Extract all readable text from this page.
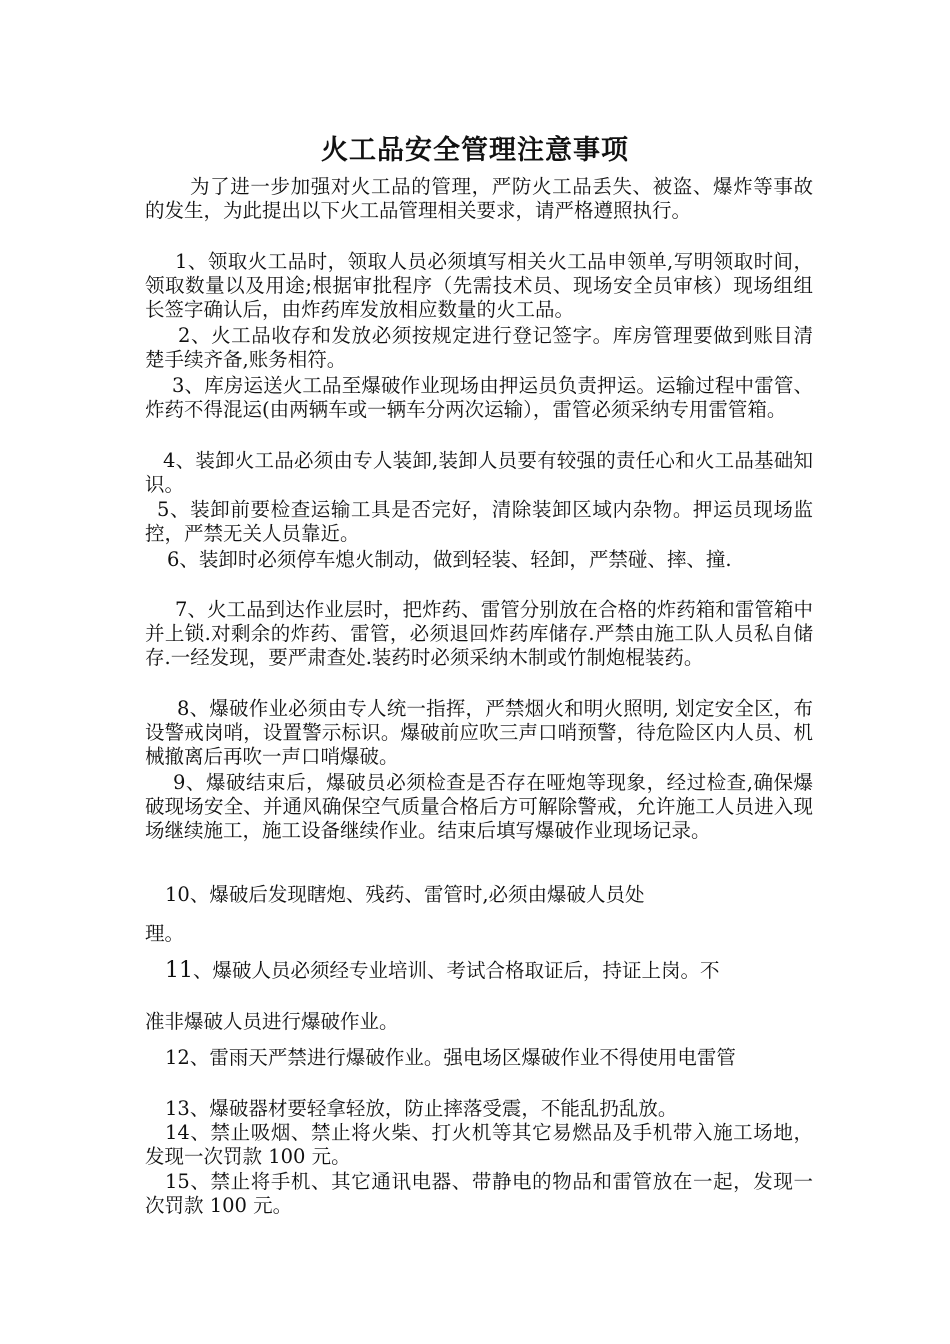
火工品安全管理注意事项

为了进一步加强对火工品的管理，严防火工品丢失、被盗、爆炸等事故的发生，为此提出以下火工品管理相关要求，请严格遵照执行。

1、领取火工品时，领取人员必须填写相关火工品申领单,写明领取时间，领取数量以及用途;根据审批程序（先需技术员、现场安全员审核）现场组组长签字确认后，由炸药库发放相应数量的火工品。

2、火工品收存和发放必须按规定进行登记签字。库房管理要做到账目清楚手续齐备,账务相符。

3、库房运送火工品至爆破作业现场由押运员负责押运。运输过程中雷管、炸药不得混运(由两辆车或一辆车分两次运输），雷管必须采纳专用雷管箱。

4、装卸火工品必须由专人装卸,装卸人员要有较强的责任心和火工品基础知识。

5、装卸前要检查运输工具是否完好，清除装卸区域内杂物。押运员现场监控，严禁无关人员靠近。

6、装卸时必须停车熄火制动，做到轻装、轻卸，严禁碰、摔、撞.

7、火工品到达作业层时，把炸药、雷管分别放在合格的炸药箱和雷管箱中并上锁.对剩余的炸药、雷管，必须退回炸药库储存.严禁由施工队人员私自储存.一经发现，要严肃查处.装药时必须采纳木制或竹制炮棍装药。

8、爆破作业必须由专人统一指挥，严禁烟火和明火照明, 划定安全区，布设警戒岗哨，设置警示标识。爆破前应吹三声口哨预警，待危险区内人员、机械撤离后再吹一声口哨爆破。

9、爆破结束后，爆破员必须检查是否存在哑炮等现象，经过检查,确保爆破现场安全、并通风确保空气质量合格后方可解除警戒，允许施工人员进入现场继续施工，施工设备继续作业。结束后填写爆破作业现场记录。

10、爆破后发现瞎炮、残药、雷管时,必须由爆破人员处

理。

11、爆破人员必须经专业培训、考试合格取证后，持证上岗。不

准非爆破人员进行爆破作业。

12、雷雨天严禁进行爆破作业。强电场区爆破作业不得使用电雷管

13、爆破器材要轻拿轻放，防止摔落受震，不能乱扔乱放。

14、禁止吸烟、禁止将火柴、打火机等其它易燃品及手机带入施工场地，发现一次罚款 100 元。

15、禁止将手机、其它通讯电器、带静电的物品和雷管放在一起，发现一次罚款 100 元。
